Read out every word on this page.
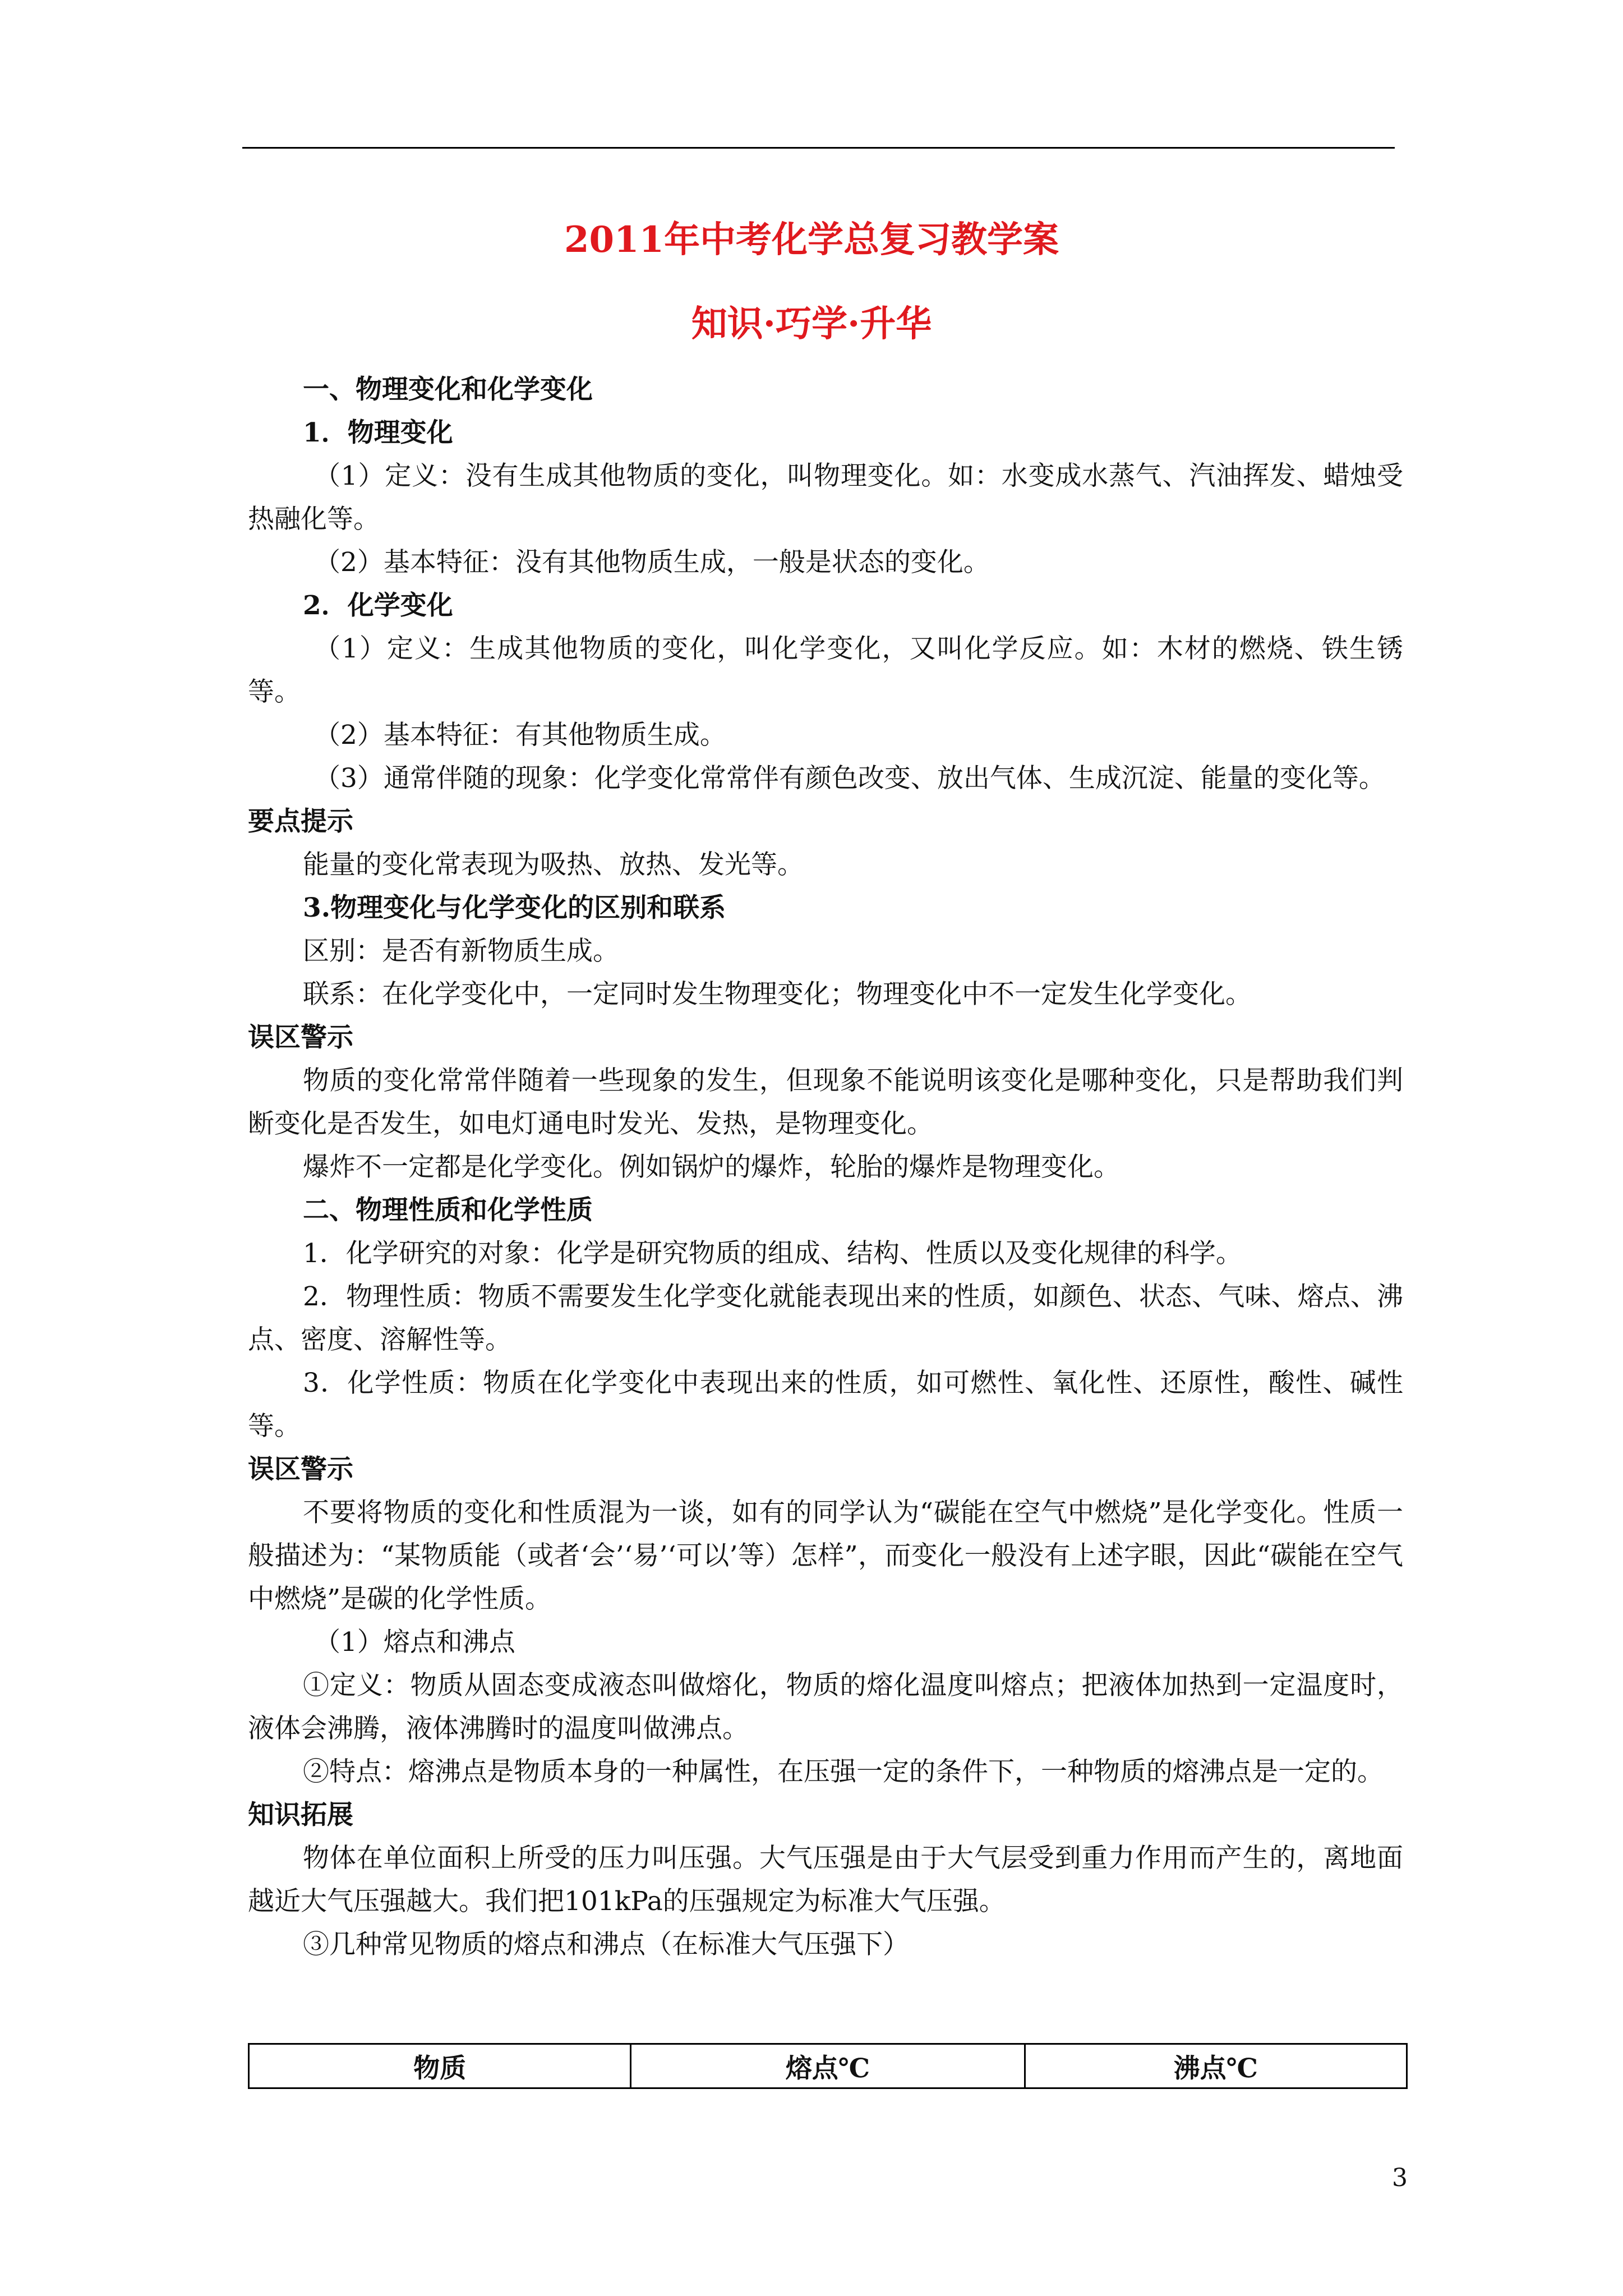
2011年中考化学总复习教学案
知识·巧学·升华

一、物理变化和化学变化

1．物理变化

（1）定义：没有生成其他物质的变化，叫物理变化。如：水变成水蒸气、汽油挥发、蜡烛受热融化等。

（2）基本特征：没有其他物质生成，一般是状态的变化。

2．化学变化

（1）定义：生成其他物质的变化，叫化学变化，又叫化学反应。如：木材的燃烧、铁生锈等。

（2）基本特征：有其他物质生成。

（3）通常伴随的现象：化学变化常常伴有颜色改变、放出气体、生成沉淀、能量的变化等。

要点提示

能量的变化常表现为吸热、放热、发光等。

3.物理变化与化学变化的区别和联系

区别：是否有新物质生成。

联系：在化学变化中，一定同时发生物理变化；物理变化中不一定发生化学变化。

误区警示

物质的变化常常伴随着一些现象的发生，但现象不能说明该变化是哪种变化，只是帮助我们判断变化是否发生，如电灯通电时发光、发热，是物理变化。

爆炸不一定都是化学变化。例如锅炉的爆炸，轮胎的爆炸是物理变化。

二、物理性质和化学性质

1．化学研究的对象：化学是研究物质的组成、结构、性质以及变化规律的科学。

2．物理性质：物质不需要发生化学变化就能表现出来的性质，如颜色、状态、气味、熔点、沸点、密度、溶解性等。

3．化学性质：物质在化学变化中表现出来的性质，如可燃性、氧化性、还原性，酸性、碱性等。

误区警示

不要将物质的变化和性质混为一谈，如有的同学认为“碳能在空气中燃烧”是化学变化。性质一般描述为：“某物质能（或者‘会’‘易’‘可以’等）怎样”，而变化一般没有上述字眼，因此“碳能在空气中燃烧”是碳的化学性质。

（1）熔点和沸点

①定义：物质从固态变成液态叫做熔化，物质的熔化温度叫熔点；把液体加热到一定温度时，液体会沸腾，液体沸腾时的温度叫做沸点。

②特点：熔沸点是物质本身的一种属性，在压强一定的条件下，一种物质的熔沸点是一定的。

知识拓展

物体在单位面积上所受的压力叫压强。大气压强是由于大气层受到重力作用而产生的，离地面越近大气压强越大。我们把101kPa的压强规定为标准大气压强。

③几种常见物质的熔点和沸点（在标准大气压强下）

物质	熔点℃	沸点℃
3
